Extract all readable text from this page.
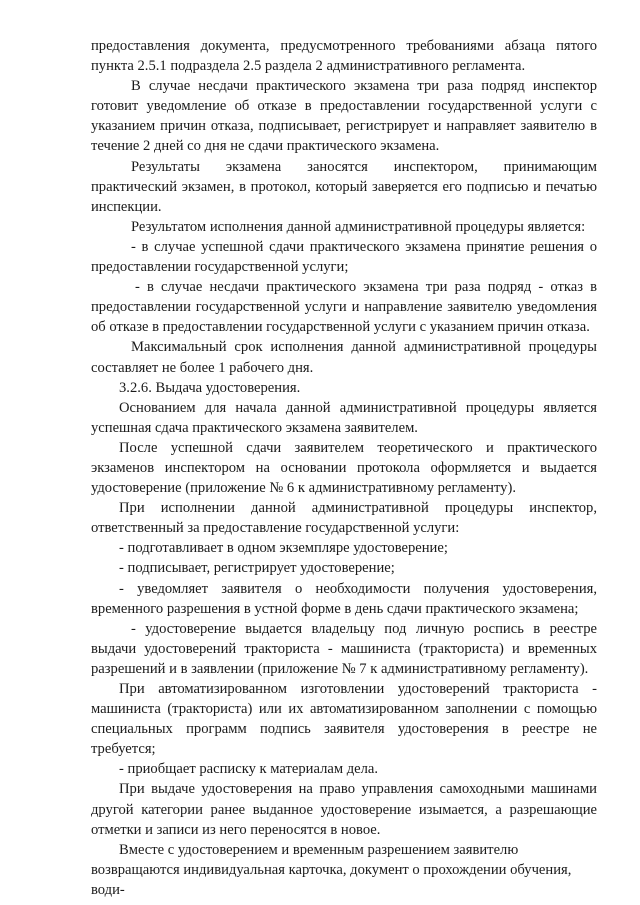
предоставления документа, предусмотренного требованиями абзаца пятого пункта 2.5.1 подраздела 2.5 раздела 2 административного регламента.

В случае несдачи практического экзамена три раза подряд инспектор готовит уведомление об отказе в предоставлении государственной услуги с указанием причин отказа, подписывает, регистрирует и направляет заявителю в течение 2 дней со дня не сдачи практического экзамена.

Результаты экзамена заносятся инспектором, принимающим практический экзамен, в протокол, который заверяется его подписью и печатью инспекции.

Результатом исполнения данной административной процедуры является:

- в случае успешной сдачи практического экзамена принятие решения о предоставлении государственной услуги;

- в случае несдачи практического экзамена три раза подряд - отказ в предоставлении государственной услуги и направление заявителю уведомления об отказе в предоставлении государственной услуги с указанием причин отказа.

Максимальный срок исполнения данной административной процедуры составляет не более 1 рабочего дня.

3.2.6. Выдача удостоверения.

Основанием для начала данной административной процедуры является успешная сдача практического экзамена заявителем.

После успешной сдачи заявителем теоретического и практического экзаменов инспектором на основании протокола оформляется и выдается удостоверение (приложение № 6 к административному регламенту).

При исполнении данной административной процедуры инспектор, ответственный за предоставление государственной услуги:

- подготавливает в одном экземпляре удостоверение;

- подписывает, регистрирует удостоверение;

- уведомляет заявителя о необходимости получения удостоверения, временного разрешения в устной форме в день сдачи практического экзамена;

- удостоверение выдается владельцу под личную роспись в реестре выдачи удостоверений тракториста - машиниста (тракториста) и временных разрешений и в заявлении (приложение № 7 к административному регламенту).

При автоматизированном изготовлении удостоверений тракториста - машиниста (тракториста) или их автоматизированном заполнении с помощью специальных программ подпись заявителя удостоверения в реестре не требуется;

- приобщает расписку к материалам дела.

При выдаче удостоверения на право управления самоходными машинами другой категории ранее выданное удостоверение изымается, а разрешающие отметки и записи из него переносятся в новое.

Вместе с удостоверением и временным разрешением заявителю возвращаются индивидуальная карточка, документ о прохождении обучения, води-
